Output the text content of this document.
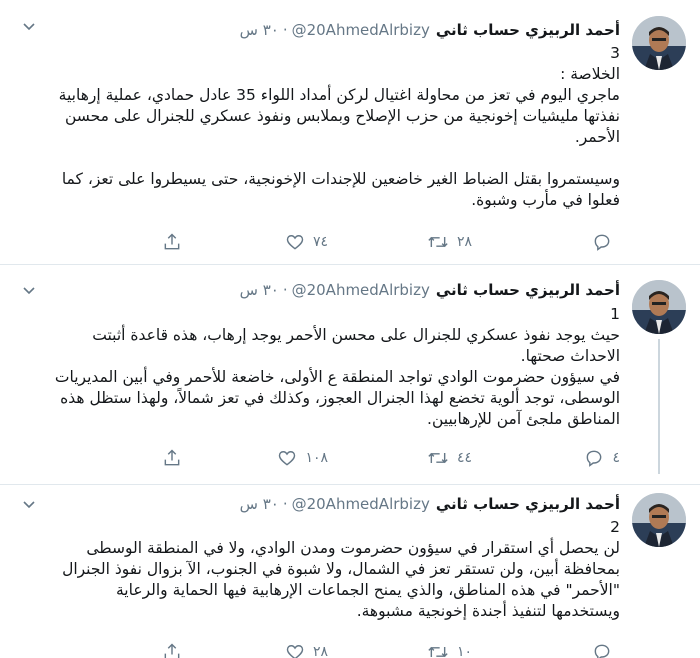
أحمد الربيزي حساب ثاني@20AhmedAlrbizy·٣٠ س
3
الخلاصة :
ماجري اليوم في تعز من محاولة اغتيال لركن أمداد اللواء 35 عادل حمادي، عملية إرهابية نفذتها مليشيات إخونجية من حزب الإصلاح وبملابس ونفوذ عسكري للجنرال على محسن الأحمر.

وسيستمروا بقتل الضباط الغير خاضعين للإجندات الإخونجية، حتى يسيطروا على تعز، كما فعلوا في مأرب وشبوة.
٢٨
٧٤
أحمد الربيزي حساب ثاني@20AhmedAlrbizy·٣٠ س
1
حيث يوجد نفوذ عسكري للجنرال على محسن الأحمر يوجد إرهاب، هذه قاعدة أثبتت الاحداث صحتها.
في سيؤون حضرموت الوادي تواجد المنطقة ع الأولى، خاضعة للأحمر وفي أبين المديريات الوسطى، توجد ألوية تخضع لهذا الجنرال العجوز، وكذلك في تعز شمالاً، ولهذا ستظل هذه المناطق ملجئ آمن للإرهابيين.
٤
٤٤
١٠٨
أحمد الربيزي حساب ثاني@20AhmedAlrbizy·٣٠ س
2
لن يحصل أي استقرار في سيؤون حضرموت ومدن الوادي، ولا في المنطقة الوسطى بمحافظة أبين، ولن تستقر تعز في الشمال، ولا شبوة في الجنوب، الآ بزوال نفوذ الجنرال "الأحمر" في هذه المناطق، والذي يمنح الجماعات الإرهابية فيها الحماية والرعاية ويستخدمها لتنفيذ أجندة إخونجية مشبوهة.
١٠
٢٨
